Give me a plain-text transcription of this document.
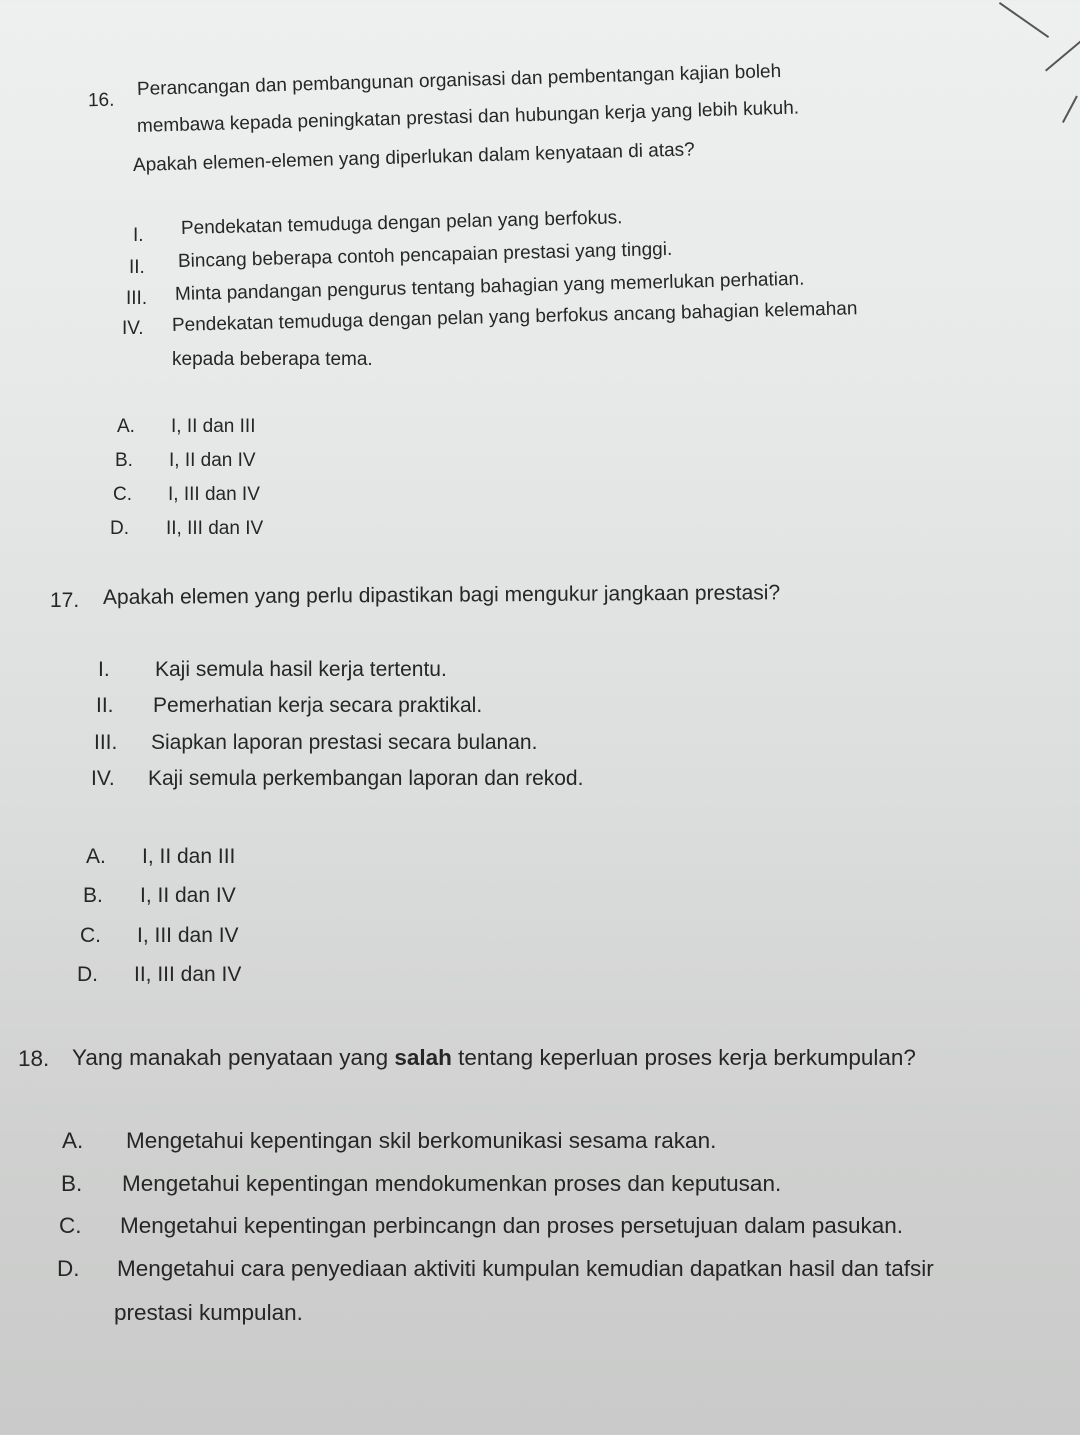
16.
Perancangan dan pembangunan organisasi dan pembentangan kajian boleh
membawa kepada peningkatan prestasi dan hubungan kerja yang lebih kukuh.
Apakah elemen-elemen yang diperlukan dalam kenyataan di atas?
I. Pendekatan temuduga dengan pelan yang berfokus.
II. Bincang beberapa contoh pencapaian prestasi yang tinggi.
III. Minta pandangan pengurus tentang bahagian yang memerlukan perhatian.
IV. Pendekatan temuduga dengan pelan yang berfokus ancang bahagian kelemahan
kepada beberapa tema.
A. I, II dan III
B. I, II dan IV
C. I, III dan IV
D. II, III dan IV
17. Apakah elemen yang perlu dipastikan bagi mengukur jangkaan prestasi?
I. Kaji semula hasil kerja tertentu.
II. Pemerhatian kerja secara praktikal.
III. Siapkan laporan prestasi secara bulanan.
IV. Kaji semula perkembangan laporan dan rekod.
A. I, II dan III
B. I, II dan IV
C. I, III dan IV
D. II, III dan IV
18. Yang manakah penyataan yang salah tentang keperluan proses kerja berkumpulan?
A. Mengetahui kepentingan skil berkomunikasi sesama rakan.
B. Mengetahui kepentingan mendokumenkan proses dan keputusan.
C. Mengetahui kepentingan perbincangn dan proses persetujuan dalam pasukan.
D. Mengetahui cara penyediaan aktiviti kumpulan kemudian dapatkan hasil dan tafsir
prestasi kumpulan.
